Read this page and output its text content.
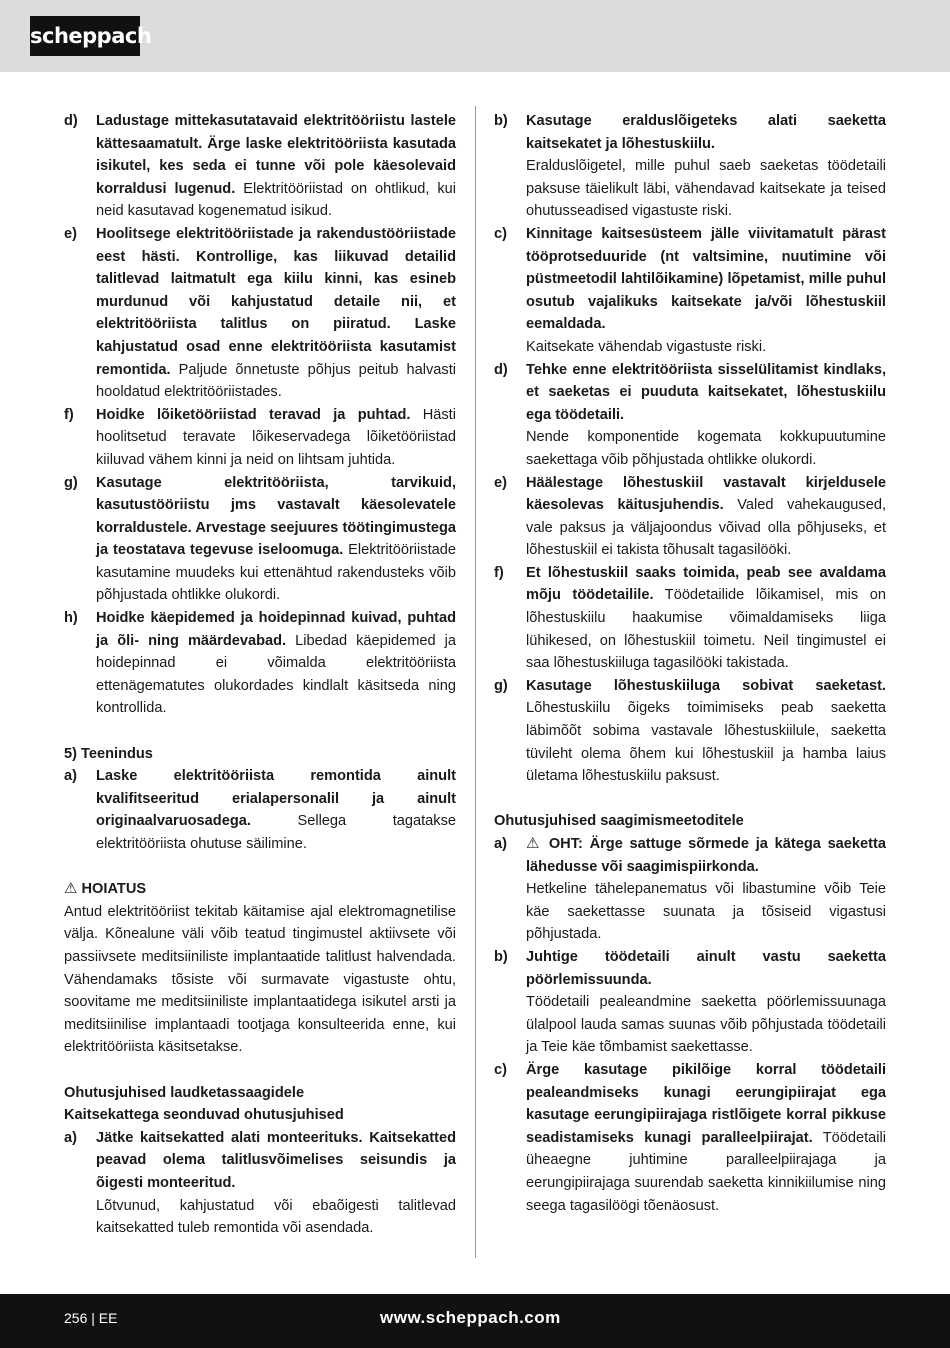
scheppach
d) Ladustage mittekasutatavaid elektritööriistu lastele kättesaamatult. Ärge laske elektritööriista kasutada isikutel, kes seda ei tunne või pole käesolevaid korraldusi lugenud. Elektritööriistad on ohtlikud, kui neid kasutavad kogenematud isikud.
e) Hoolitsege elektritööriistade ja rakendustööriistade eest hästi. Kontrollige, kas liikuvad detailid talitlevad laitmatult ega kiilu kinni, kas esineb murdunud või kahjustatud detaile nii, et elektritööriista talitlus on piiratud. Laske kahjustatud osad enne elektritööriista kasutamist remontida. Paljude õnnetuste põhjus peitub halvasti hooldatud elektritööriistades.
f) Hoidke lõiketööriistad teravad ja puhtad. Hästi hoolitsetud teravate lõikeservadega lõiketööriistad kiiluvad vähem kinni ja neid on lihtsam juhtida.
g) Kasutage elektritööriista, tarvikuid, kasutustööriistu jms vastavalt käesolevatele korraldustele. Arvestage seejuures töötingimustega ja teostatava tegevuse iseloomuga. Elektritööriistade kasutamine muudeks kui ettenähtud rakendusteks võib põhjustada ohtlikke olukordi.
h) Hoidke käepidemed ja hoidepinnad kuivad, puhtad ja õli- ning määrdevabad. Libedad käepidemed ja hoidepinnad ei võimalda elektritööriista ettenägematutes olukordades kindlalt käsitseda ning kontrollida.
5) Teenindus
a) Laske elektritööriista remontida ainult kvalifitseeritud erialapersonalil ja ainult originaalvaruosadega. Sellega tagatakse elektritööriista ohutuse säilimine.
⚠ HOIATUS
Antud elektritööriist tekitab käitamise ajal elektromagnetilise välja. Kõnealune väli võib teatud tingimustel aktiivsete või passiivsete meditsiiniliste implantaatide talitlust halvendada. Vähendamaks tõsiste või surmavate vigastuste ohtu, soovitame me meditsiiniliste implantaatidega isikutel arsti ja meditsiinilise implantaadi tootjaga konsulteerida enne, kui elektritööriista käsitsetakse.
Ohutusjuhised laudketassaagidele
Kaitsekattega seonduvad ohutusjuhised
a) Jätke kaitsekatted alati monteerituks. Kaitsekatted peavad olema talitlusvõimelises seisundis ja õigesti monteeritud.
Lõtvunud, kahjustatud või ebaõigesti talitlevad kaitsekatted tuleb remontida või asendada.
b) Kasutage eralduslõigeteks alati saeketta kaitsekatet ja lõhestuskiilu.
Eralduslõigetel, mille puhul saeb saeketas töödetaili paksuse täielikult läbi, vähendavad kaitsekate ja teised ohutusseadised vigastuste riski.
c) Kinnitage kaitsesüsteem jälle viivitamatult pärast tööprotseduuride (nt valtsimine, nuutimine või püstmeetodil lahtilõikamine) lõpetamist, mille puhul osutub vajalikuks kaitsekate ja/või lõhestuskiil eemaldada.
Kaitsekate vähendab vigastuste riski.
d) Tehke enne elektritööriista sisselülitamist kindlaks, et saeketas ei puuduta kaitsekatet, lõhestuskiilu ega töödetaili.
Nende komponentide kogemata kokkupuutumine saekettaga võib põhjustada ohtlikke olukordi.
e) Häälestage lõhestuskiil vastavalt kirjeldusele käesolevas käitusjuhendis. Valed vahekaugused, vale paksus ja väljajoondus võivad olla põhjuseks, et lõhestuskiil ei takista tõhusalt tagasilööki.
f) Et lõhestuskiil saaks toimida, peab see avaldama mõju töödetailile. Töödetailide lõikamisel, mis on lõhestuskiilu haakumise võimaldamiseks liiga lühikesed, on lõhestuskiil toimetu. Neil tingimustel ei saa lõhestuskiiluga tagasilööki takistada.
g) Kasutage lõhestuskiiluga sobivat saeketast. Lõhestuskiilu õigeks toimimiseks peab saeketta läbimõõt sobima vastavale lõhestuskiilule, saeketta tüvileht olema õhem kui lõhestuskiil ja hamba laius ületama lõhestuskiilu paksust.
Ohutusjuhised saagimismeetoditele
a) ⚠ OHT: Ärge sattuge sõrmede ja kätega saeketta lähedusse või saagimispiirkonda.
Hetkeline tähelepanematus või libastumine võib Teie käe saekettasse suunata ja tõsiseid vigastusi põhjustada.
b) Juhtige töödetaili ainult vastu saeketta pöörlemissuunda.
Töödetaili pealeandmine saeketta pöörlemissuunaga ülalpool lauda samas suunas võib põhjustada töödetaili ja Teie käe tõmbamist saekettasse.
c) Ärge kasutage pikilõige korral töödetaili pealeandmiseks kunagi eerungipiirajat ega kasutage eerungipiirajaga ristlõigete korral pikkuse seadistamiseks kunagi paralleelpiirajat. Töödetaili üheaegne juhtimine paralleelpiirajaga ja eerungipiirajaga suurendab saeketta kinnikiilumise ning seega tagasilöögi tõenäosust.
256 | EE	www.scheppach.com
